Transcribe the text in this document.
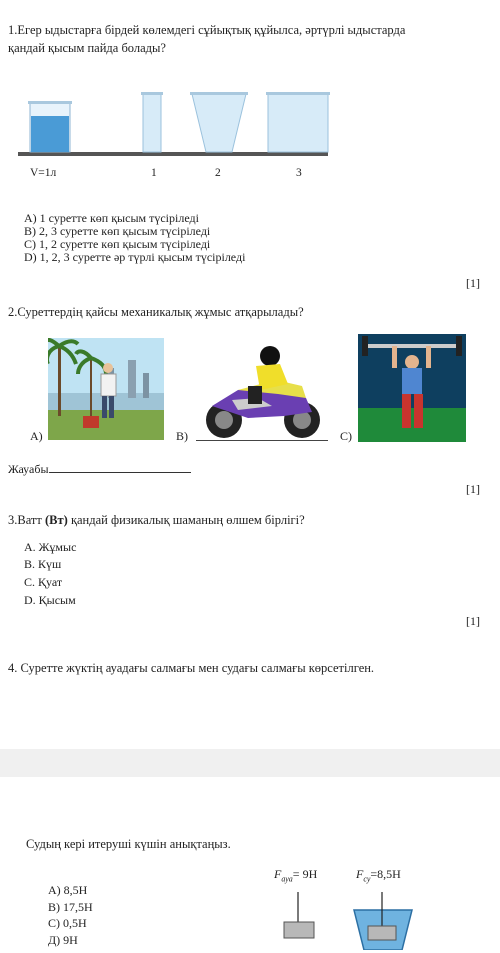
1.Егер ыдыстарға бірдей көлемдегі сұйықтық құйылса, әртүрлі ыдыстарда
қандай қысым пайда болады?
V=1л	1	2	3
A) 1 суретте көп қысым түсіріледі
B) 2, 3 суретте көп қысым түсіріледі
C) 1, 2 суретте көп қысым түсіріледі
D) 1, 2, 3 суретте әр түрлі қысым түсіріледі
[1]
2.Суреттердің қайсы механикалық жұмыс атқарылады?
A)	B)	C)
Жауабы
[1]
3.Ватт (Вт) қандай физикалық шаманың өлшем бірлігі?
A. Жұмыс
B. Күш
C. Қуат
D. Қысым
[1]
4. Суретте жүктің ауадағы салмағы мен судағы салмағы көрсетілген.
Судың кері итеруші күшін анықтаңыз.
A) 8,5Н
B) 17,5Н
C) 0,5Н
Д) 9Н
$F_{ауа}= 9Н$	$F_{су}=8,5Н$
